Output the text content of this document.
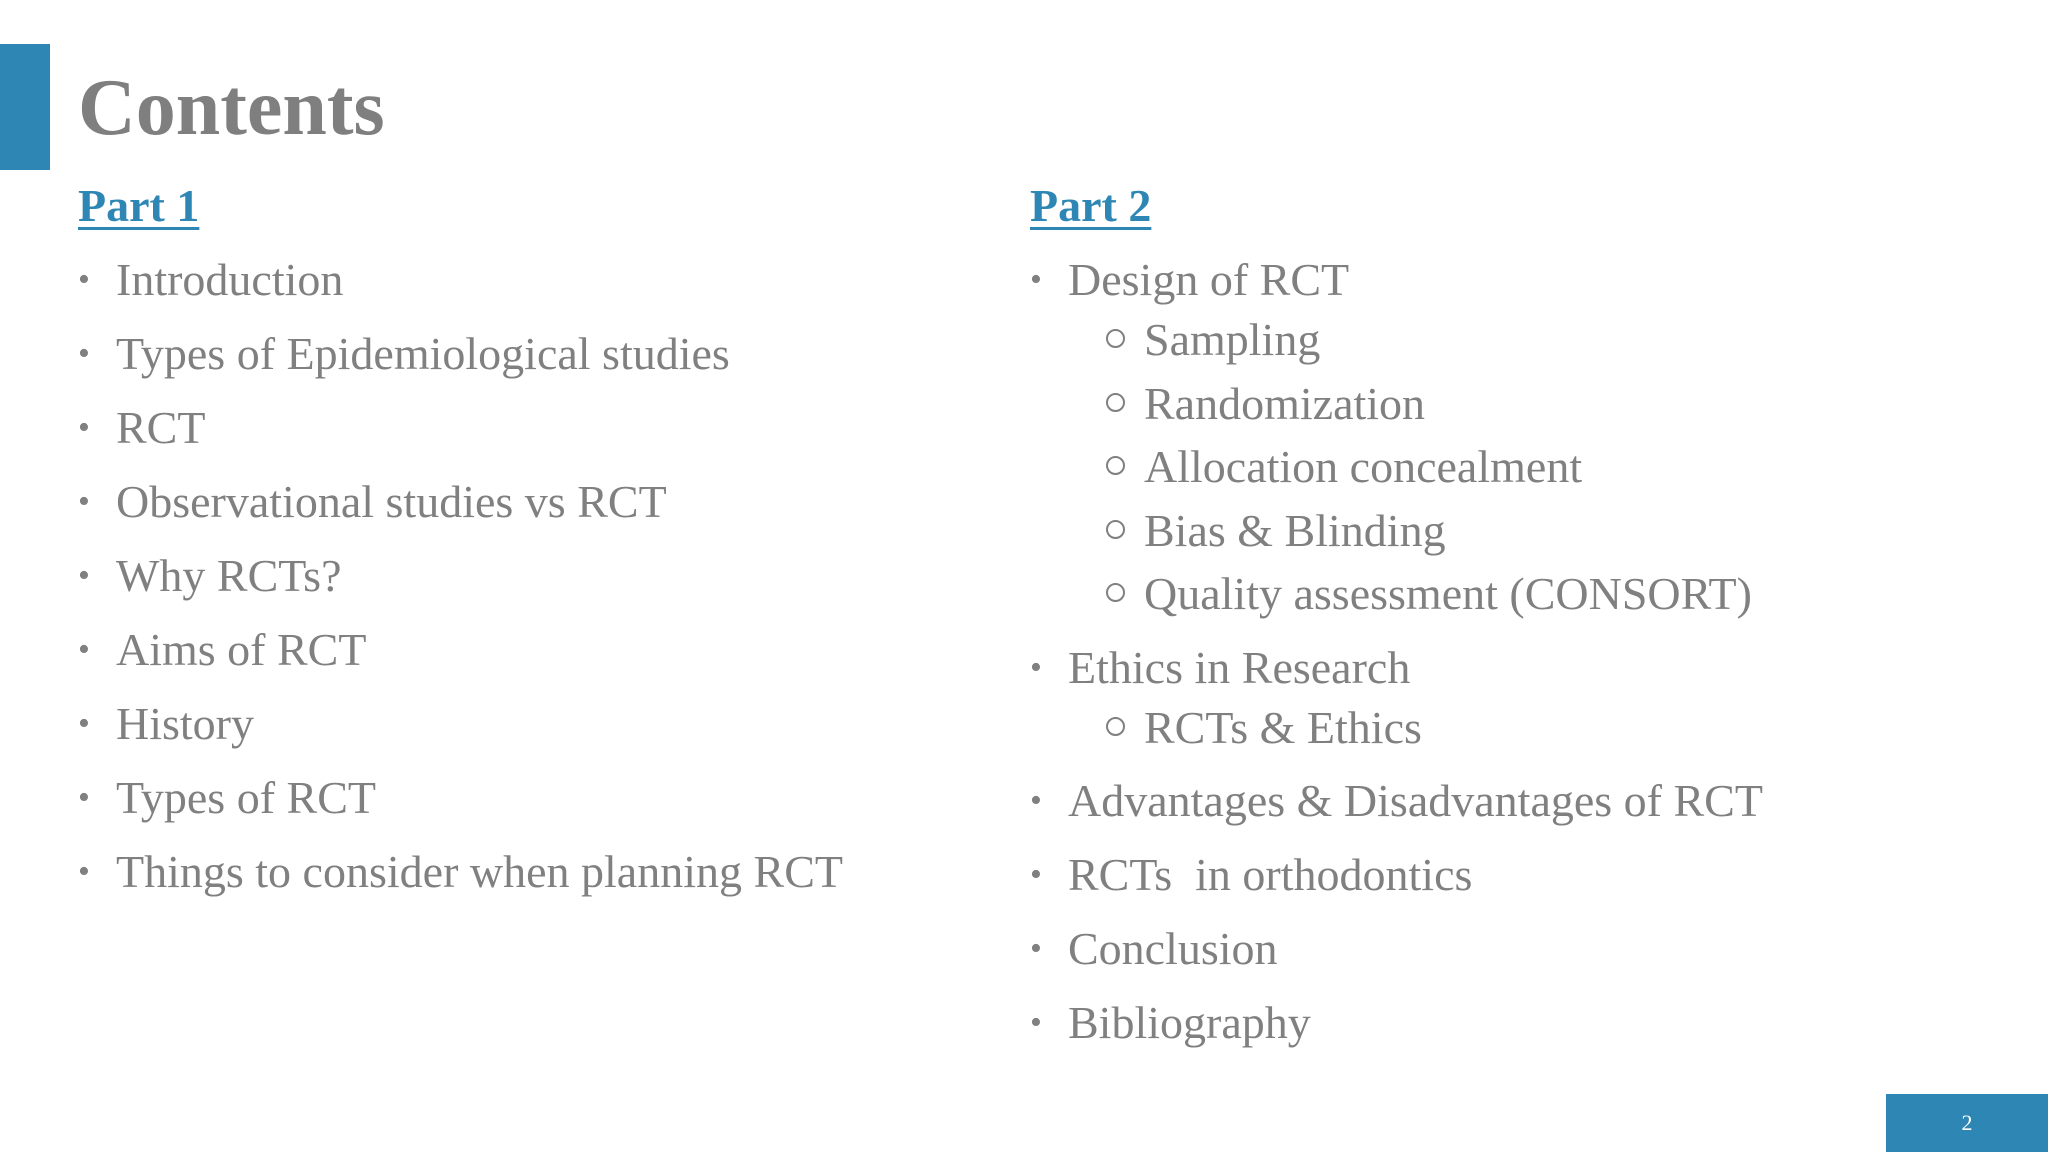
Contents
Part 1
• Introduction
• Types of Epidemiological studies
• RCT
• Observational studies vs RCT
• Why RCTs?
• Aims of RCT
• History
• Types of RCT
• Things to consider when planning RCT
Part 2
• Design of RCT
Sampling
Randomization
Allocation concealment
Bias & Blinding
Quality assessment (CONSORT)
• Ethics in Research
RCTs & Ethics
• Advantages & Disadvantages of RCT
• RCTs  in orthodontics
• Conclusion
• Bibliography
2
